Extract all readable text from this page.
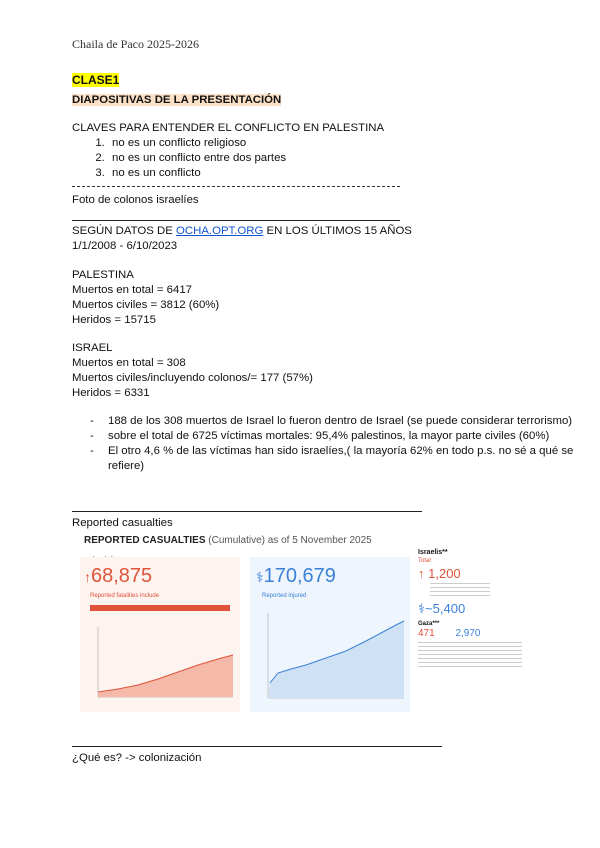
Chaila de Paco 2025-2026
CLASE1
DIAPOSITIVAS DE LA PRESENTACIÓN
CLAVES PARA ENTENDER EL CONFLICTO EN PALESTINA
1. no es un conflicto religioso
2. no es un conflicto entre dos partes
3. no es un conflicto
Foto de colonos israelíes
SEGÚN DATOS DE OCHA.OPT.ORG EN LOS ÚLTIMOS 15 AÑOS
1/1/2008 - 6/10/2023
PALESTINA
Muertos en total = 6417
Muertos civiles = 3812 (60%)
Heridos = 15715
ISRAEL
Muertos en total = 308
Muertos civiles/incluyendo colonos/= 177 (57%)
Heridos = 6331
- 188 de los 308 muertos de Israel lo fueron dentro de Israel (se puede considerar terrorismo)
- sobre el total de 6725 víctimas mortales: 95,4% palestinos, la mayor parte civiles (60%)
- El otro 4,6 % de las víctimas han sido israelíes,( la mayoría 62% en todo p.s. no sé a qué se refiere)
Reported casualties
REPORTED CASUALTIES (Cumulative) as of 5 November 2025
↑68,875
Reported fatalities include
⚕170,679
Reported injured
Israelis**
Total
↑ 1,200
⚕~5,400
Gaza***
471 2,970
¿Qué es? -> colonización
